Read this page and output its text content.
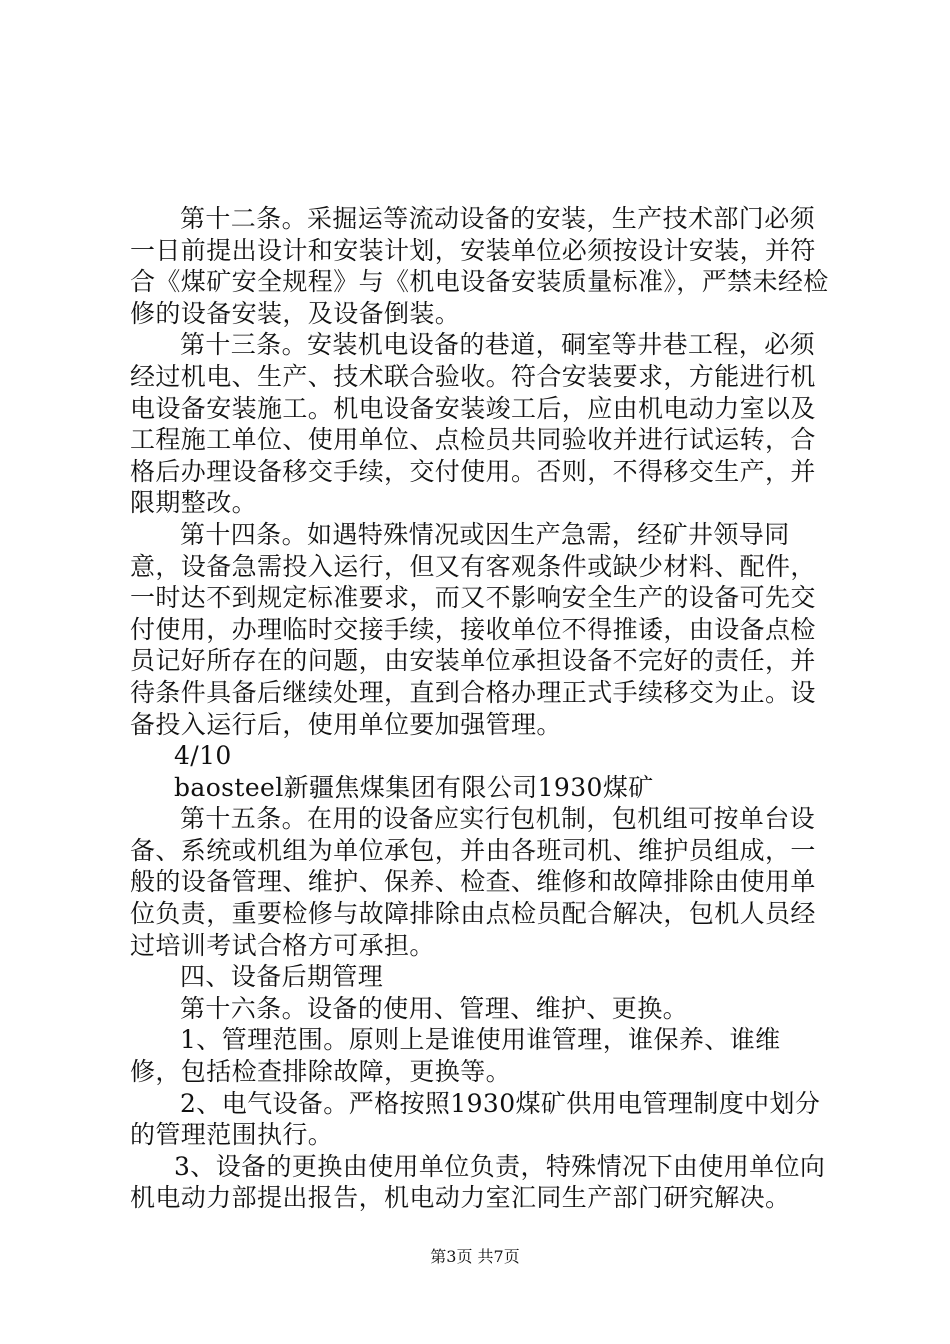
第十二条。采掘运等流动设备的安装，生产技术部门必须一日前提出设计和安装计划，安装单位必须按设计安装，并符合《煤矿安全规程》与《机电设备安装质量标准》，严禁未经检修的设备安装，及设备倒装。

第十三条。安装机电设备的巷道，硐室等井巷工程，必须经过机电、生产、技术联合验收。符合安装要求，方能进行机电设备安装施工。机电设备安装竣工后，应由机电动力室以及工程施工单位、使用单位、点检员共同验收并进行试运转，合格后办理设备移交手续，交付使用。否则，不得移交生产，并限期整改。

第十四条。如遇特殊情况或因生产急需，经矿井领导同意，设备急需投入运行，但又有客观条件或缺少材料、配件，一时达不到规定标准要求，而又不影响安全生产的设备可先交付使用，办理临时交接手续，接收单位不得推诿，由设备点检员记好所存在的问题，由安装单位承担设备不完好的责任，并待条件具备后继续处理，直到合格办理正式手续移交为止。设备投入运行后，使用单位要加强管理。

4/10

baosteel新疆焦煤集团有限公司1930煤矿

第十五条。在用的设备应实行包机制，包机组可按单台设备、系统或机组为单位承包，并由各班司机、维护员组成，一般的设备管理、维护、保养、检查、维修和故障排除由使用单位负责，重要检修与故障排除由点检员配合解决，包机人员经过培训考试合格方可承担。

四、设备后期管理

第十六条。设备的使用、管理、维护、更换。

1、管理范围。原则上是谁使用谁管理，谁保养、谁维修，包括检查排除故障，更换等。

2、电气设备。严格按照1930煤矿供用电管理制度中划分的管理范围执行。

3、设备的更换由使用单位负责，特殊情况下由使用单位向机电动力部提出报告，机电动力室汇同生产部门研究解决。

第3页 共7页
